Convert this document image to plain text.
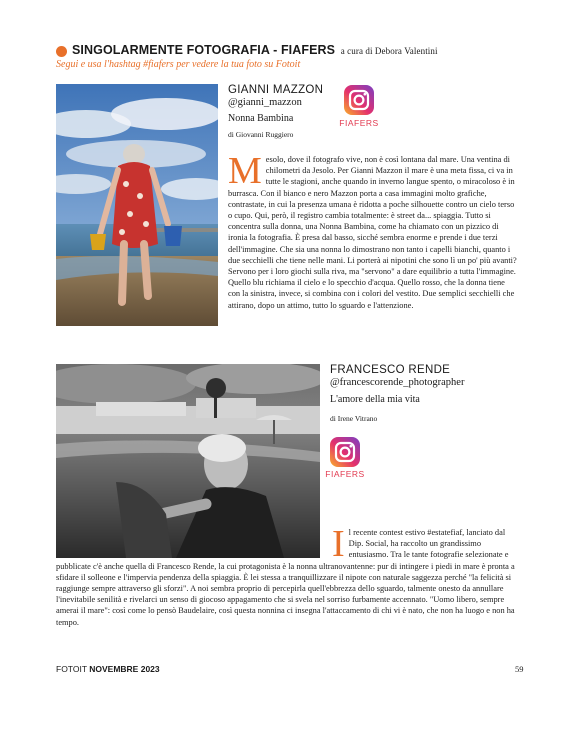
SINGOLARMENTE FOTOGRAFIA - FIAFERS a cura di Debora Valentini
Segui e usa l'hashtag #fiafers per vedere la tua foto su Fotoit
GIANNI MAZZON
@gianni_mazzon
Nonna Bambina
di Giovanni Ruggiero
FIAFERS
M esolo, dove il fotografo vive, non è così lontana dal mare. Una ventina di chilometri da Jesolo. Per Gianni Mazzon il mare è una meta fissa, ci va in tutte le stagioni, anche quando in inverno langue spento, o miracoloso è in burrasca. Con il bianco e nero Mazzon porta a casa immagini molto grafiche, contrastate, in cui la presenza umana è ridotta a poche silhouette contro un cielo terso o cupo. Qui, però, il registro cambia totalmente: è street da... spiaggia. Tutto si concentra sulla donna, una Nonna Bambina, come ha chiamato con un pizzico di ironia la fotografia. È presa dal basso, sicché sembra enorme e prende i due terzi dell'immagine. Che sia una nonna lo dimostrano non tanto i capelli bianchi, quanto i due secchielli che tiene nelle mani. Li porterà ai nipotini che sono lì un po' più avanti? Servono per i loro giochi sulla riva, ma "servono" a dare equilibrio a tutta l'immagine. Quello blu richiama il cielo e lo specchio d'acqua. Quello rosso, che la donna tiene con la sinistra, invece, si combina con i colori del vestito. Due semplici secchielli che attirano, dopo un attimo, tutto lo sguardo e l'attenzione.
FRANCESCO RENDE
@francescorende_photographer
L'amore della mia vita
di Irene Vitrano
FIAFERS
I l recente contest estivo #estatefiaf, lanciato dal Dip. Social, ha raccolto un grandissimo entusiasmo. Tra le tante fotografie selezionate e pubblicate c'è anche quella di Francesco Rende, la cui protagonista è la nonna ultranovantenne: pur di intingere i piedi in mare è pronta a sfidare il solleone e l'impervia pendenza della spiaggia. È lei stessa a tranquillizzare il nipote con naturale saggezza perché "la felicità si raggiunge sempre attraverso gli sforzi". A noi sembra proprio di percepirla quell'ebbrezza dello sguardo, talmente onesto da annullare l'inevitabile senilità e rivelarci un senso di giocoso appagamento che si svela nel sorriso furbamente accennato. "Uomo libero, sempre amerai il mare": così come lo pensò Baudelaire, così questa nonnina ci insegna l'attaccamento di chi vi è nato, che non ha luogo e non ha tempo.
FOTOIT NOVEMBRE 2023	59
